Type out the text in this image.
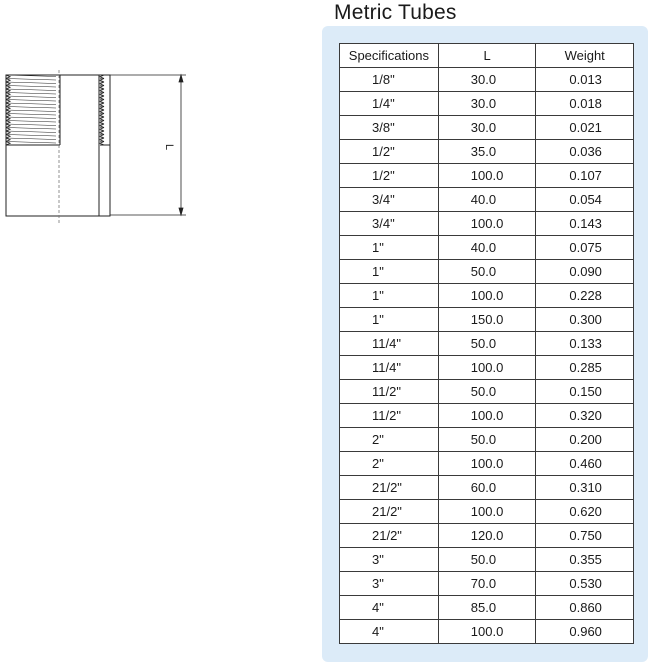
Metric Tubes
L
Specifications	L	Weight
1/8"	30.0	0.013
1/4"	30.0	0.018
3/8"	30.0	0.021
1/2"	35.0	0.036
1/2"	100.0	0.107
3/4"	40.0	0.054
3/4"	100.0	0.143
1"	40.0	0.075
1"	50.0	0.090
1"	100.0	0.228
1"	150.0	0.300
11/4"	50.0	0.133
11/4"	100.0	0.285
11/2"	50.0	0.150
11/2"	100.0	0.320
2"	50.0	0.200
2"	100.0	0.460
21/2"	60.0	0.310
21/2"	100.0	0.620
21/2"	120.0	0.750
3"	50.0	0.355
3"	70.0	0.530
4"	85.0	0.860
4"	100.0	0.960
